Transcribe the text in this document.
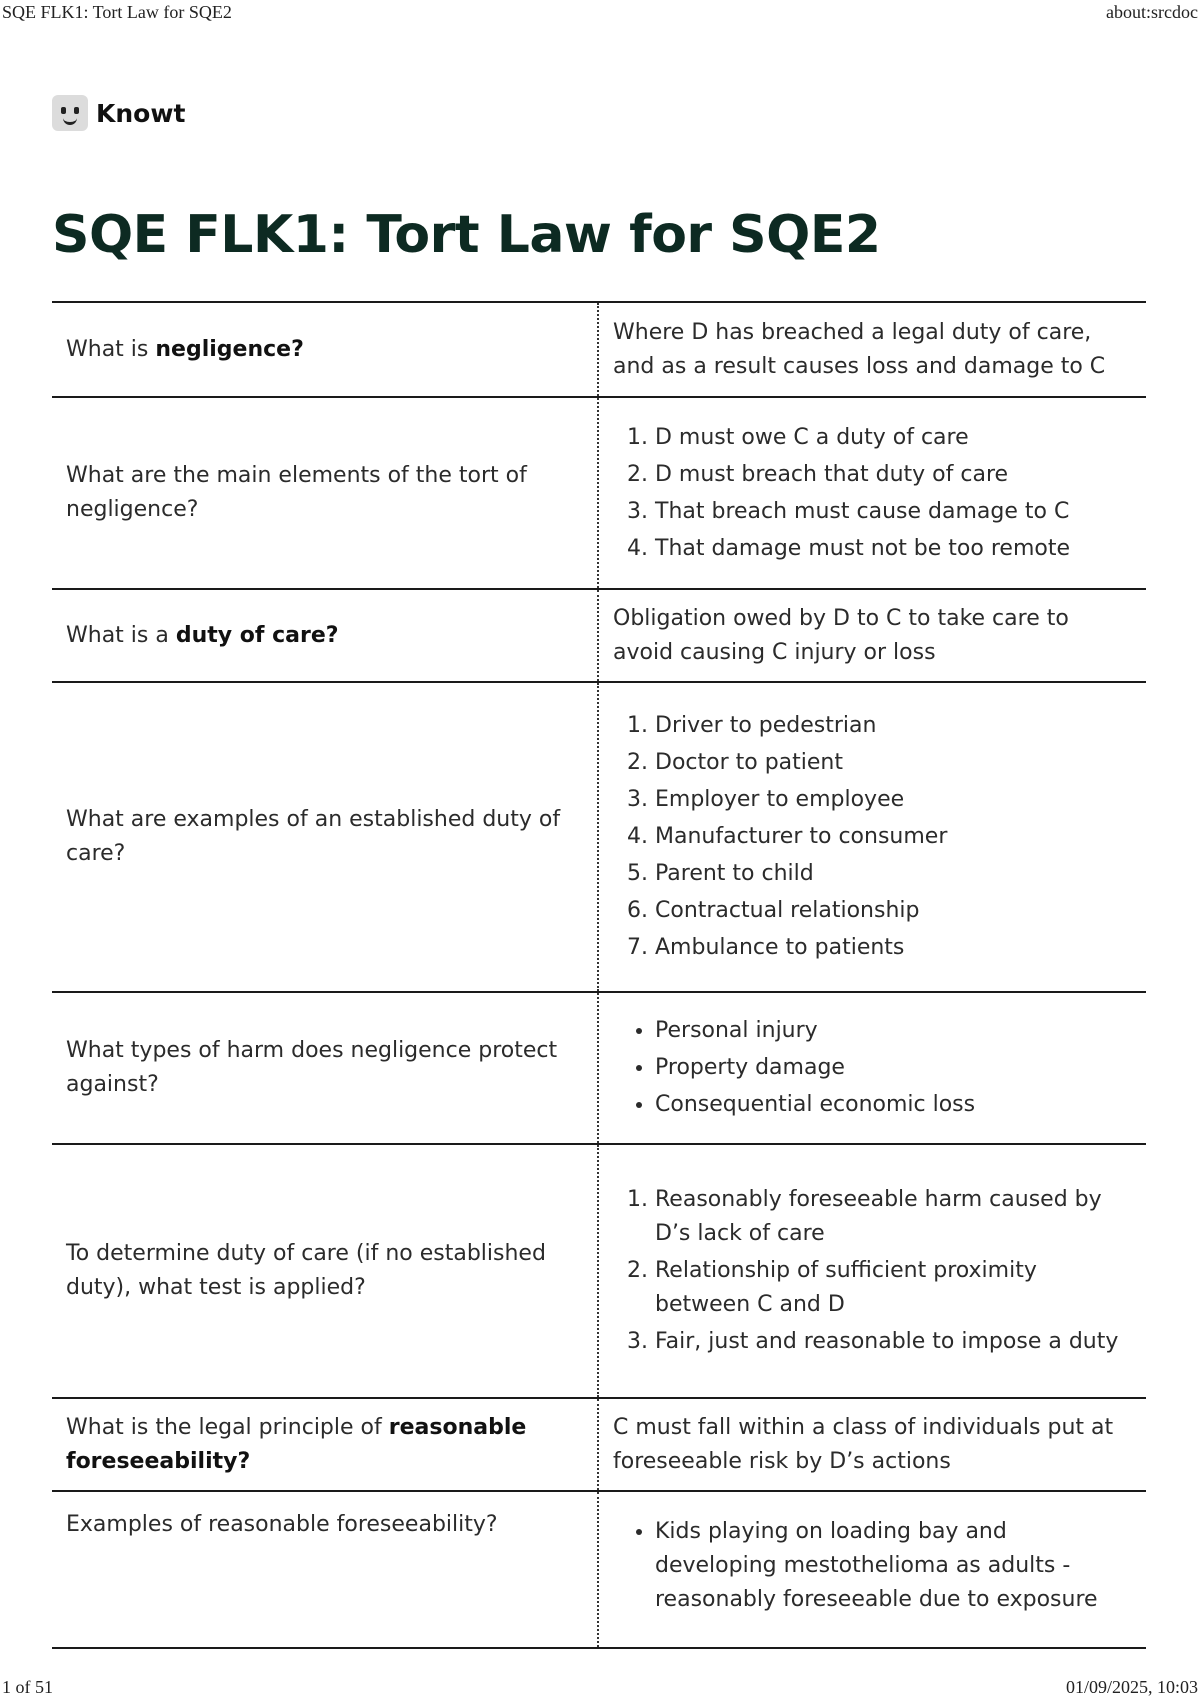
SQE FLK1: Tort Law for SQE2	about:srcdoc
Knowt
SQE FLK1: Tort Law for SQE2
What is negligence?
Where D has breached a legal duty of care, and as a result causes loss and damage to C
What are the main elements of the tort of negligence?
1. D must owe C a duty of care
2. D must breach that duty of care
3. That breach must cause damage to C
4. That damage must not be too remote
What is a duty of care?
Obligation owed by D to C to take care to avoid causing C injury or loss
What are examples of an established duty of care?
1. Driver to pedestrian
2. Doctor to patient
3. Employer to employee
4. Manufacturer to consumer
5. Parent to child
6. Contractual relationship
7. Ambulance to patients
What types of harm does negligence protect against?
• Personal injury
• Property damage
• Consequential economic loss
To determine duty of care (if no established duty), what test is applied?
1. Reasonably foreseeable harm caused by D’s lack of care
2. Relationship of sufficient proximity between C and D
3. Fair, just and reasonable to impose a duty
What is the legal principle of reasonable foreseeability?
C must fall within a class of individuals put at foreseeable risk by D’s actions
Examples of reasonable foreseeability?
•	Kids playing on loading bay and developing mestothelioma as adults - reasonably foreseeable due to exposure
1 of 51	01/09/2025, 10:03
